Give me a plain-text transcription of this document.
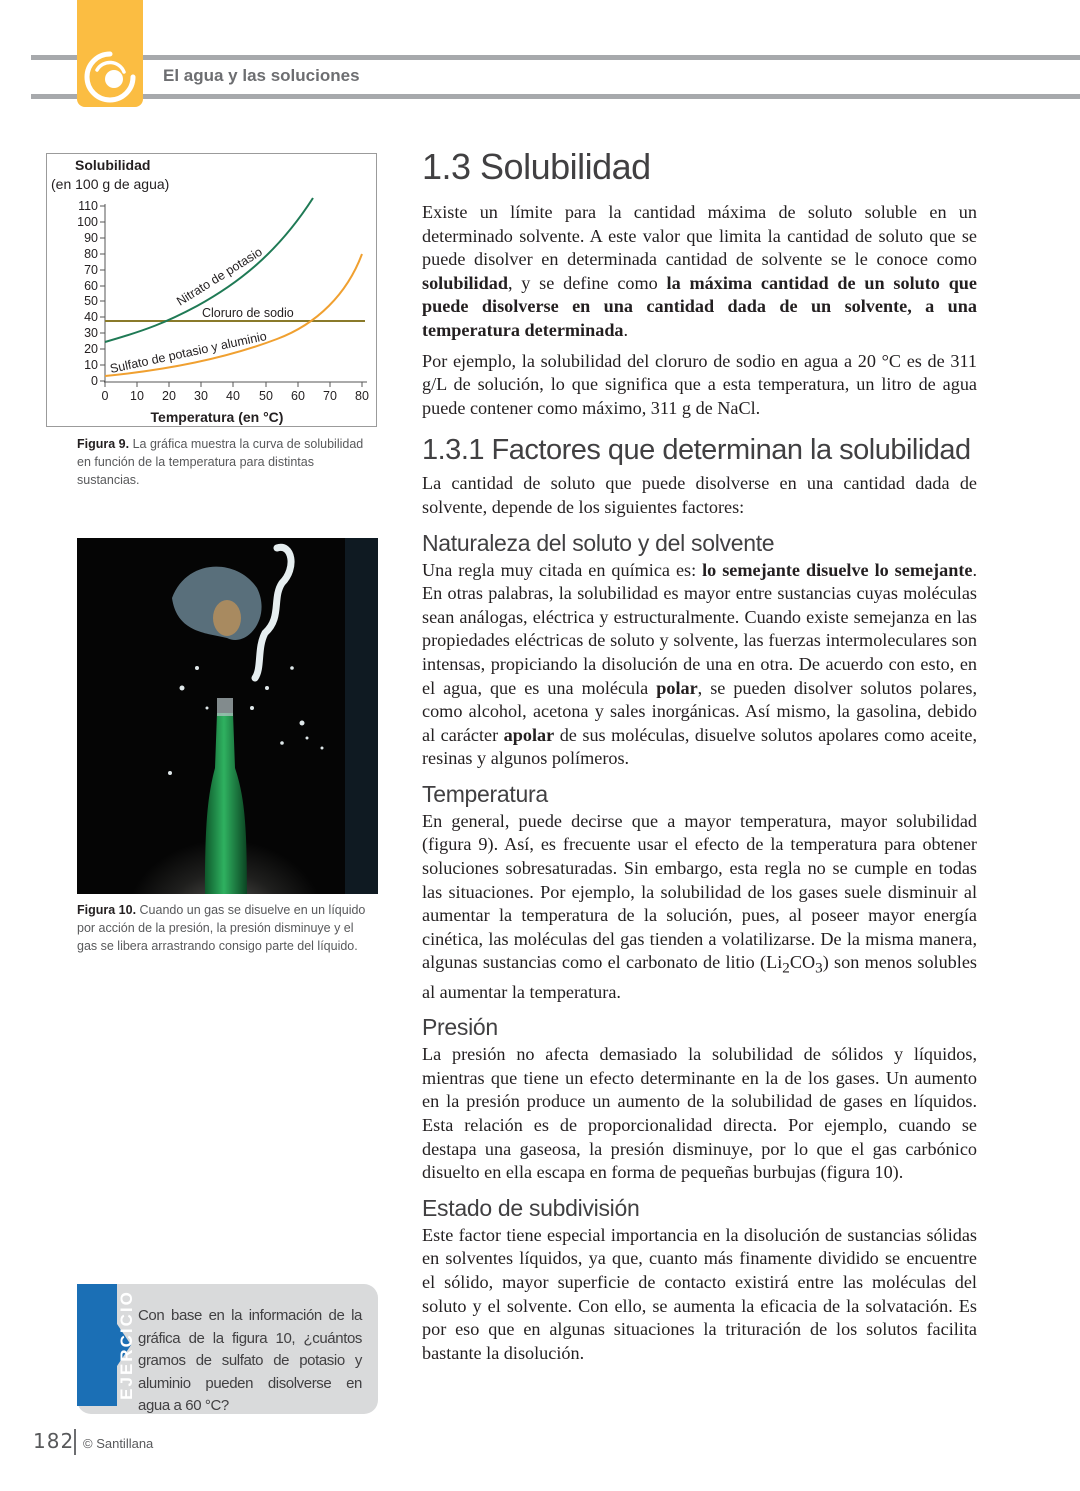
El agua y las soluciones
Solubilidad
(en 100 g de agua)
110
100
90
80
70
60
50
40
30
20
10
0
0 10 20 30 40 50 60 70 80
Temperatura (en °C)
Nitrato de potasio
Cloruro de sodio
Sulfato de potasio y aluminio
Figura 9. La gráfica muestra la curva de solubilidad en función de la temperatura para distintas sustancias.
Figura 10. Cuando un gas se disuelve en un líquido por acción de la presión, la presión disminuye y el gas se libera arrastrando consigo parte del líquido.
EJERCICIO Con base en la información de la gráfica de la figura 10, ¿cuántos gramos de sulfato de potasio y aluminio pueden disolverse en agua a 60 °C?
182 © Santillana
1.3 Solubilidad

Existe un límite para la cantidad máxima de soluto soluble en un determinado solvente. A este valor que limita la cantidad de soluto que se puede disolver en determinada cantidad de solvente se le conoce como solubilidad, y se define como la máxima cantidad de un soluto que puede disolverse en una cantidad dada de un solvente, a una temperatura determinada.

Por ejemplo, la solubilidad del cloruro de sodio en agua a 20 °C es de 311 g/L de solución, lo que significa que a esta temperatura, un litro de agua puede contener como máximo, 311 g de NaCl.

1.3.1 Factores que determinan la solubilidad

La cantidad de soluto que puede disolverse en una cantidad dada de solvente, depende de los siguientes factores:

Naturaleza del soluto y del solvente

Una regla muy citada en química es: lo semejante disuelve lo semejante. En otras palabras, la solubilidad es mayor entre sustancias cuyas moléculas sean análogas, eléctrica y estructuralmente. Cuando existe semejanza en las propiedades eléctricas de soluto y solvente, las fuerzas intermoleculares son intensas, propiciando la disolución de una en otra. De acuerdo con esto, en el agua, que es una molécula polar, se pueden disolver solutos polares, como alcohol, acetona y sales inorgánicas. Así mismo, la gasolina, debido al carácter apolar de sus moléculas, disuelve solutos apolares como aceite, resinas y algunos polímeros.

Temperatura

En general, puede decirse que a mayor temperatura, mayor solubilidad (figura 9). Así, es frecuente usar el efecto de la temperatura para obtener soluciones sobresaturadas. Sin embargo, esta regla no se cumple en todas las situaciones. Por ejemplo, la solubilidad de los gases suele disminuir al aumentar la temperatura de la solución, pues, al poseer mayor energía cinética, las moléculas del gas tienden a volatilizarse. De la misma manera, algunas sustancias como el carbonato de litio $(Li_2CO_3)$ son menos solubles al aumentar la temperatura.

Presión

La presión no afecta demasiado la solubilidad de sólidos y líquidos, mientras que tiene un efecto determinante en la de los gases. Un aumento en la presión produce un aumento de la solubilidad de gases en líquidos. Esta relación es de proporcionalidad directa. Por ejemplo, cuando se destapa una gaseosa, la presión disminuye, por lo que el gas carbónico disuelto en ella escapa en forma de pequeñas burbujas (figura 10).

Estado de subdivisión

Este factor tiene especial importancia en la disolución de sustancias sólidas en solventes líquidos, ya que, cuanto más finamente dividido se encuentre el sólido, mayor superficie de contacto existirá entre las moléculas del soluto y el solvente. Con ello, se aumenta la eficacia de la solvatación. Es por eso que en algunas situaciones la trituración de los solutos facilita bastante la disolución.
